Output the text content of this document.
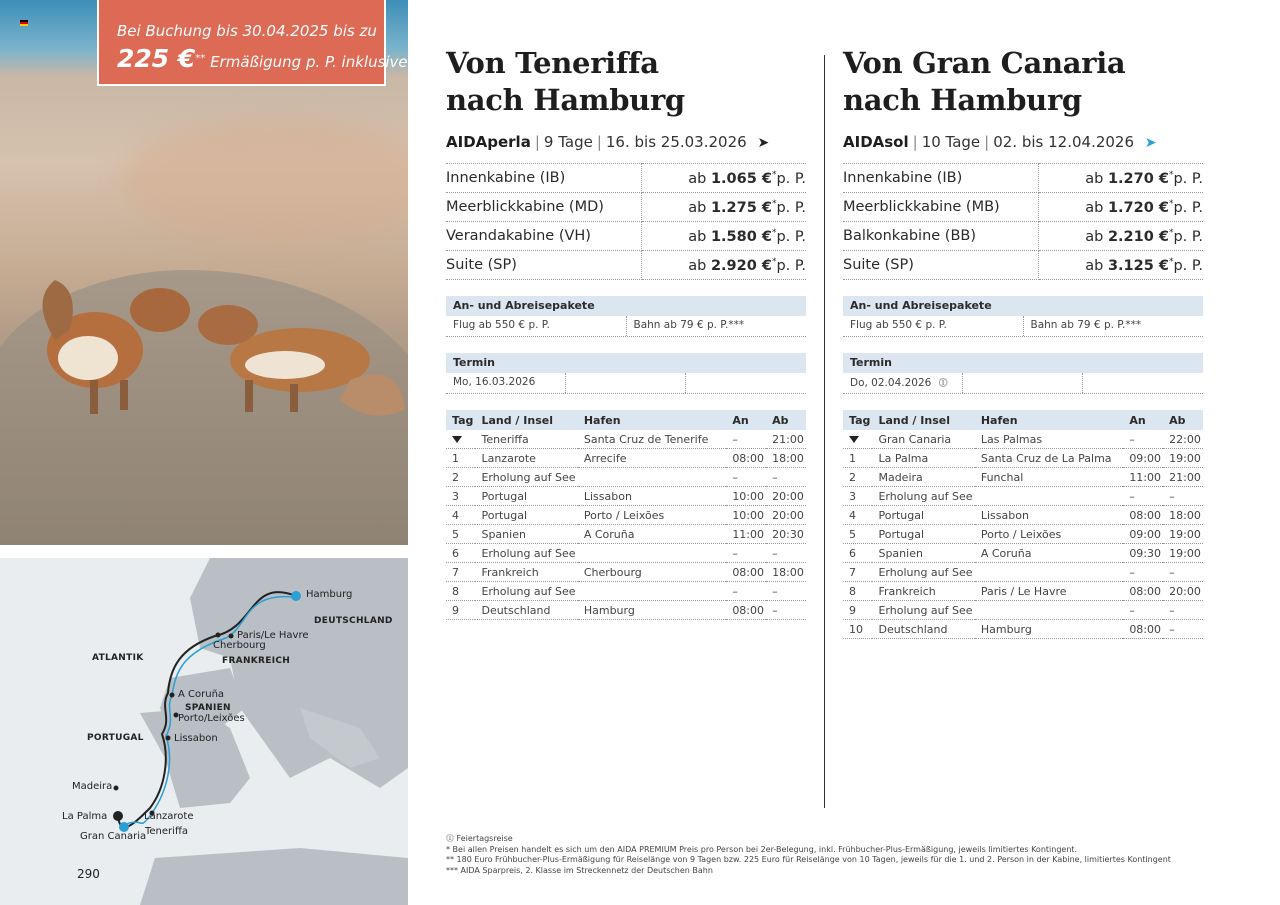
Bei Buchung bis 30.04.2025 bis zu
225 €** Ermäßigung p. P. inklusive
Hamburg
DEUTSCHLAND
Paris/Le Havre
Cherbourg
FRANKREICH
ATLANTIK
A Coruña
SPANIEN
Porto/Leixões
PORTUGAL	Lissabon
Madeira
La Palma	Lanzarote
Gran Canaria
Teneriffa
290
Von Teneriffa
nach Hamburg
AIDAperla | 9 Tage | 16. bis 25.03.2026 ➤
Innenkabine (IB)	ab 1.065 €*p. P.
Meerblickkabine (MD)	ab 1.275 €*p. P.
Verandakabine (VH)	ab 1.580 €*p. P.
Suite (SP)	ab 2.920 €*p. P.
An- und Abreisepakete
Flug ab 550 € p. P.	Bahn ab 79 € p. P.***
Termin
Mo, 16.03.2026
Tag	Land / Insel	Hafen	An	Ab
	Teneriffa	Santa Cruz de Tenerife	–	21:00
1	Lanzarote	Arrecife	08:00	18:00
2	Erholung auf See		–	–
3	Portugal	Lissabon	10:00	20:00
4	Portugal	Porto / Leixões	10:00	20:00
5	Spanien	A Coruña	11:00	20:30
6	Erholung auf See		–	–
7	Frankreich	Cherbourg	08:00	18:00
8	Erholung auf See		–	–
9	Deutschland	Hamburg	08:00	–
Von Gran Canaria
nach Hamburg
AIDAsol | 10 Tage | 02. bis 12.04.2026 ➤
Innenkabine (IB)	ab 1.270 €*p. P.
Meerblickkabine (MB)	ab 1.720 €*p. P.
Balkonkabine (BB)	ab 2.210 €*p. P.
Suite (SP)	ab 3.125 €*p. P.
An- und Abreisepakete
Flug ab 550 € p. P.	Bahn ab 79 € p. P.***
Termin
Do, 02.04.2026 ⓵
Tag	Land / Insel	Hafen	An	Ab
	Gran Canaria	Las Palmas	–	22:00
1	La Palma	Santa Cruz de La Palma	09:00	19:00
2	Madeira	Funchal	11:00	21:00
3	Erholung auf See		–	–
4	Portugal	Lissabon	08:00	18:00
5	Portugal	Porto / Leixões	09:00	19:00
6	Spanien	A Coruña	09:30	19:00
7	Erholung auf See		–	–
8	Frankreich	Paris / Le Havre	08:00	20:00
9	Erholung auf See		–	–
10	Deutschland	Hamburg	08:00	–
⓵ Feiertagsreise
* Bei allen Preisen handelt es sich um den AIDA PREMIUM Preis pro Person bei 2er-Belegung, inkl. Frühbucher-Plus-Ermäßigung, jeweils limitiertes Kontingent.
** 180 Euro Frühbucher-Plus-Ermäßigung für Reiselänge von 9 Tagen bzw. 225 Euro für Reiselänge von 10 Tagen, jeweils für die 1. und 2. Person in der Kabine, limitiertes Kontingent
*** AIDA Sparpreis, 2. Klasse im Streckennetz der Deutschen Bahn
